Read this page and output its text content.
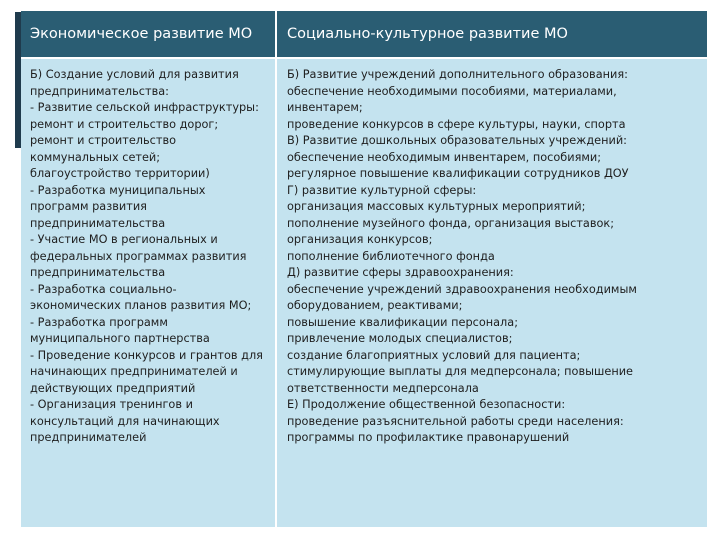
Экономическое развитие МО	Социально-культурное развитие МО
Б) Создание условий для развития
предпринимательства:
- Развитие сельской инфраструктуры:
ремонт и строительство дорог;
ремонт и строительство
коммунальных сетей;
благоустройство территории)
- Разработка муниципальных
программ развития
предпринимательства
- Участие МО в региональных и
федеральных программах развития
предпринимательства
- Разработка социально-
экономических планов развития МО;
- Разработка программ
муниципального партнерства
- Проведение конкурсов и грантов для
начинающих предпринимателей и
действующих предприятий
- Организация тренингов и
консультаций для начинающих
предпринимателей
Б) Развитие учреждений дополнительного образования:
обеспечение необходимыми пособиями, материалами,
инвентарем;
проведение конкурсов в сфере культуры, науки, спорта
В) Развитие дошкольных образовательных учреждений:
обеспечение необходимым инвентарем, пособиями;
регулярное повышение квалификации сотрудников ДОУ
Г) развитие культурной сферы:
организация массовых культурных мероприятий;
пополнение музейного фонда, организация выставок;
организация конкурсов;
пополнение библиотечного фонда
Д) развитие сферы здравоохранения:
обеспечение учреждений здравоохранения необходимым
оборудованием, реактивами;
повышение квалификации персонала;
привлечение молодых специалистов;
создание благоприятных условий для пациента;
стимулирующие выплаты для медперсонала; повышение
ответственности медперсонала
Е) Продолжение общественной безопасности:
проведение разъяснительной работы среди населения:
программы по профилактике правонарушений
